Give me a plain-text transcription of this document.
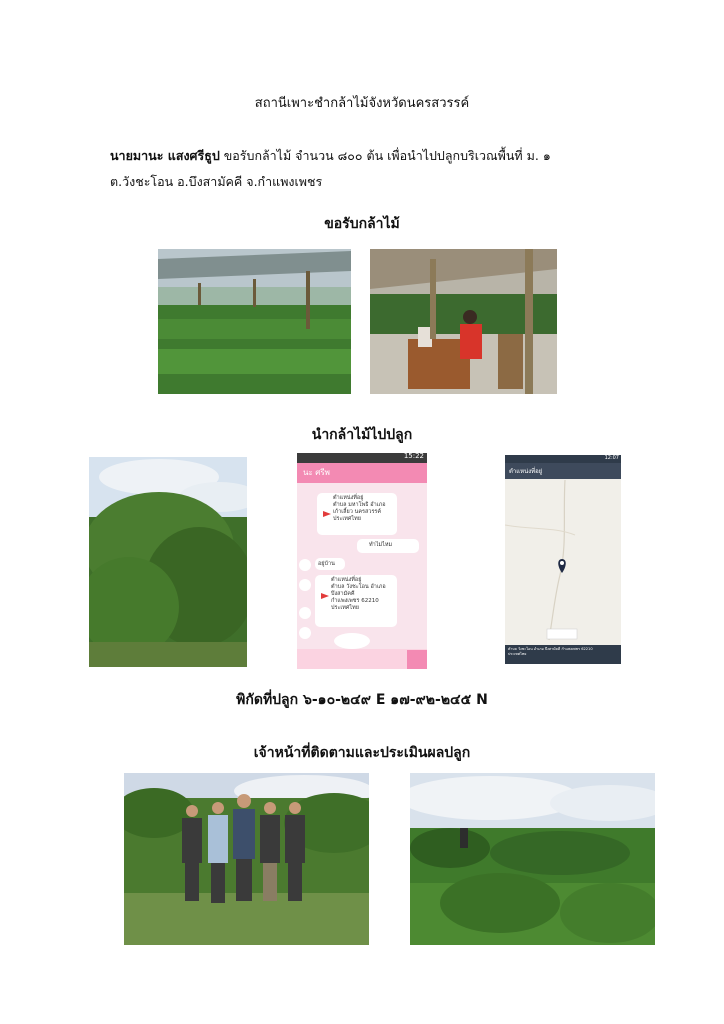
สถานีเพาะชำกล้าไม้จังหวัดนครสวรรค์
นายมานะ แสงศรีธูป ขอรับกล้าไม้ จำนวน ๘๐๐ ต้น เพื่อนำไปปลูกบริเวณพื้นที่ ม. ๑
ต.วังชะโอน อ.บึงสามัคคี จ.กำแพงเพชร
ขอรับกล้าไม้
นำกล้าไม้ไปปลูก
15:22
นะ ศรีพ
ตำแหน่งที่อยู่
ตำบล มหาโพธิ อำเภอ
เก้าเลี้ยว นครสวรรค์
ประเทศไทย
ทำไม่ไหม
อยู่บ้าน
ตำแหน่งที่อยู่
ตำบล วังชะโอน อำเภอ
บึงสามัคคี
กำแพงเพชร 62210
ประเทศไทย
12:07
ตำแหน่งที่อยู่
ตำบล วังชะโอน อำเภอ บึงสามัคคี กำแพงเพชร 62210
ประเทศไทย
พิกัดที่ปลูก ๖-๑๐-๒๔๙ E ๑๗-๙๒-๒๔๕ N
เจ้าหน้าที่ติดตามและประเมินผลปลูก
